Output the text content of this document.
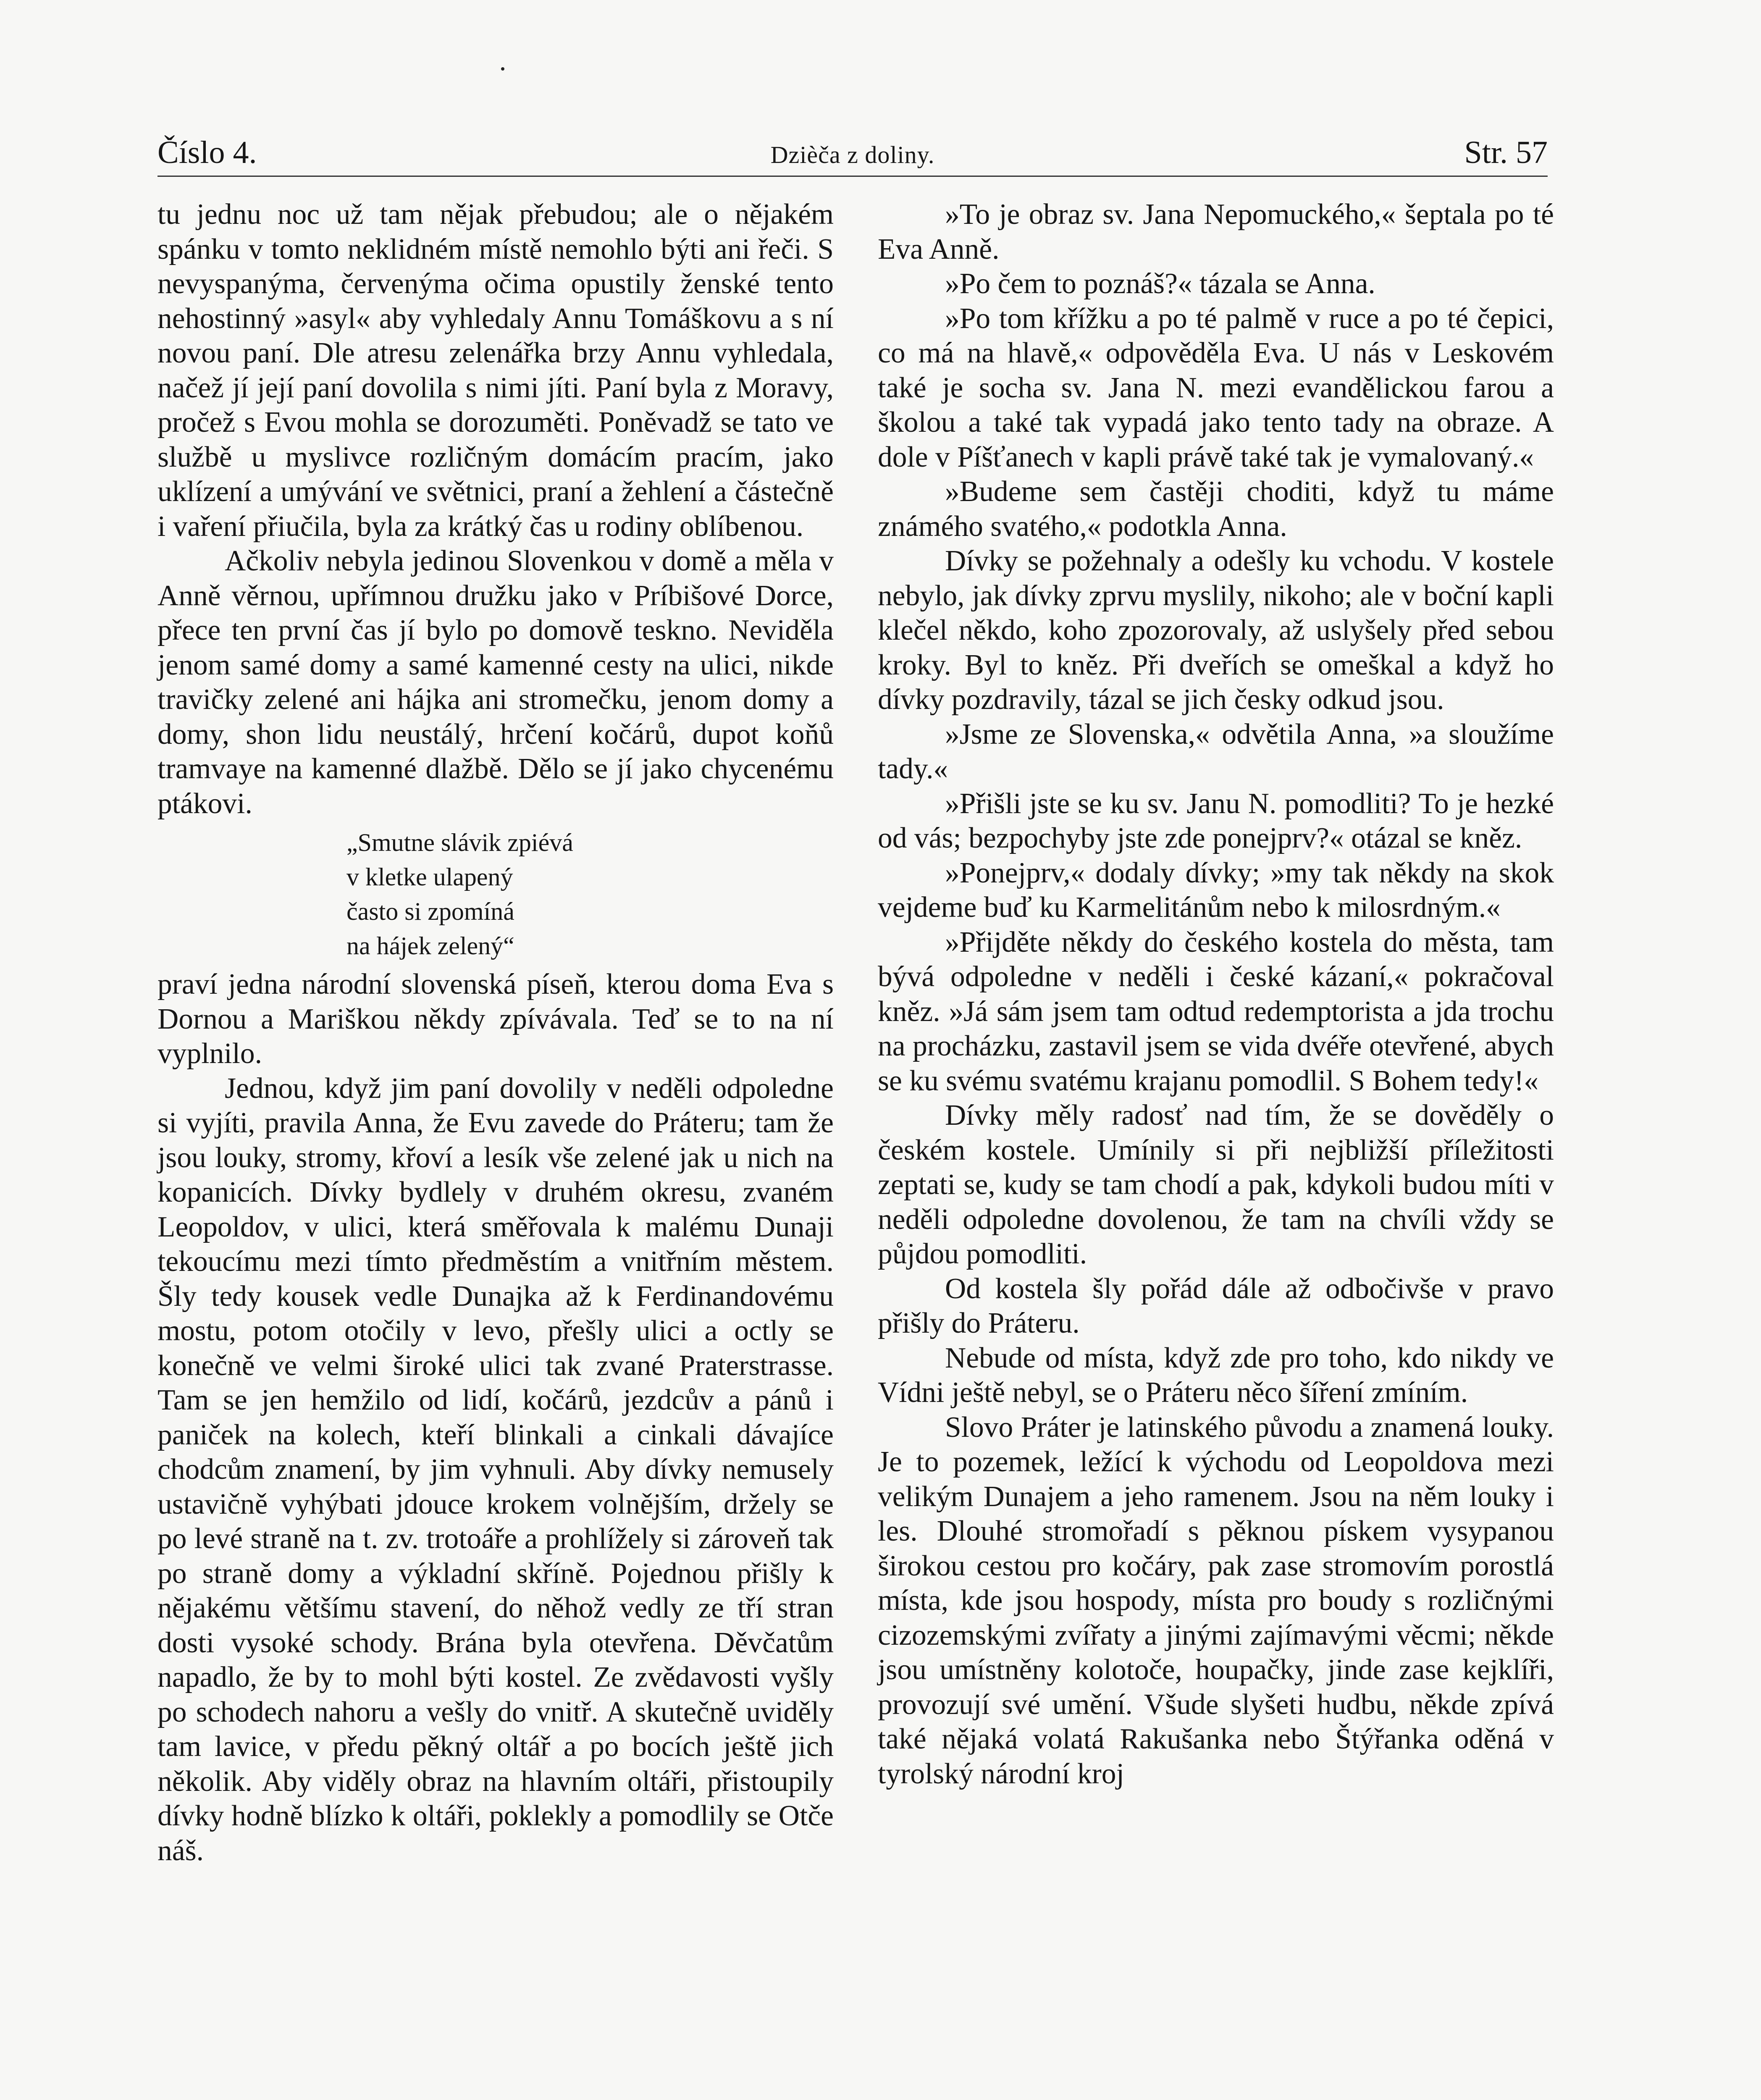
Číslo 4.	Dzièča z doliny.	Str. 57

tu jednu noc už tam nějak přebudou; ale o nějakém spánku v tomto neklidném místě nemohlo býti ani řeči. S nevyspanýma, červenýma očima opustily ženské tento nehostinný »asyl« aby vyhledaly Annu Tomáškovu a s ní novou paní. Dle atresu zelenářka brzy Annu vyhledala, načež jí její paní dovolila s nimi jíti. Paní byla z Moravy, pročež s Evou mohla se dorozuměti. Poněvadž se tato ve službě u myslivce rozličným domácím pracím, jako uklízení a umývání ve světnici, praní a žehlení a částečně i vaření přiučila, byla za krátký čas u rodiny oblíbenou.

Ačkoliv nebyla jedinou Slovenkou v domě a měla v Anně věrnou, upřímnou družku jako v Príbišové Dorce, přece ten první čas jí bylo po domově teskno. Neviděla jenom samé domy a samé kamenné cesty na ulici, nikde travičky zelené ani hájka ani stromečku, jenom domy a domy, shon lidu neustálý, hrčení kočárů, dupot koňů tramvaye na kamenné dlažbě. Dělo se jí jako chycenému ptákovi.

„Smutne slávik zpiévá
v kletke ulapený
často si zpomíná
na hájek zelený“

praví jedna národní slovenská píseň, kterou doma Eva s Dornou a Mariškou někdy zpívávala. Teď se to na ní vyplnilo.

Jednou, když jim paní dovolily v neděli odpoledne si vyjíti, pravila Anna, že Evu zavede do Práteru; tam že jsou louky, stromy, křoví a lesík vše zelené jak u nich na kopanicích. Dívky bydlely v druhém okresu, zvaném Leopoldov, v ulici, která směřovala k malému Dunaji tekoucímu mezi tímto předměstím a vnitřním městem. Šly tedy kousek vedle Dunajka až k Ferdinandovému mostu, potom otočily v levo, přešly ulici a octly se konečně ve velmi široké ulici tak zvané Praterstrasse. Tam se jen hemžilo od lidí, kočárů, jezdcův a pánů i paniček na kolech, kteří blinkali a cinkali dávajíce chodcům znamení, by jim vyhnuli. Aby dívky nemusely ustavičně vyhýbati jdouce krokem volnějším, držely se po levé straně na t. zv. trotoáře a prohlížely si zároveň tak po straně domy a výkladní skříně. Pojednou přišly k nějakému většímu stavení, do něhož vedly ze tří stran dosti vysoké schody. Brána byla otevřena. Děvčatům napadlo, že by to mohl býti kostel. Ze zvědavosti vyšly po schodech nahoru a vešly do vnitř. A skutečně uviděly tam lavice, v předu pěkný oltář a po bocích ještě jich několik. Aby viděly obraz na hlavním oltáři, přistoupily dívky hodně blízko k oltáři, poklekly a pomodlily se Otče náš.

»To je obraz sv. Jana Nepomuckého,« šeptala po té Eva Anně.

»Po čem to poznáš?« tázala se Anna.

»Po tom křížku a po té palmě v ruce a po té čepici, co má na hlavě,« odpověděla Eva. U nás v Leskovém také je socha sv. Jana N. mezi evandělickou farou a školou a také tak vypadá jako tento tady na obraze. A dole v Píšťanech v kapli právě také tak je vymalovaný.«

»Budeme sem častěji choditi, když tu máme známého svatého,« podotkla Anna.

Dívky se požehnaly a odešly ku vchodu. V kostele nebylo, jak dívky zprvu myslily, nikoho; ale v boční kapli klečel někdo, koho zpozorovaly, až uslyšely před sebou kroky. Byl to kněz. Při dveřích se omeškal a když ho dívky pozdravily, tázal se jich česky odkud jsou.

»Jsme ze Slovenska,« odvětila Anna, »a sloužíme tady.«

»Přišli jste se ku sv. Janu N. pomodliti? To je hezké od vás; bezpochyby jste zde ponejprv?« otázal se kněz.

»Ponejprv,« dodaly dívky; »my tak někdy na skok vejdeme buď ku Karmelitánům nebo k milosrdným.«

»Přijděte někdy do českého kostela do města, tam bývá odpoledne v neděli i české kázaní,« pokračoval kněz. »Já sám jsem tam odtud redemptorista a jda trochu na procházku, zastavil jsem se vida dvéře otevřené, abych se ku svému svatému krajanu pomodlil. S Bohem tedy!«

Dívky měly radosť nad tím, že se dověděly o českém kostele. Umínily si při nejbližší příležitosti zeptati se, kudy se tam chodí a pak, kdykoli budou míti v neděli odpoledne dovolenou, že tam na chvíli vždy se půjdou pomodliti.

Od kostela šly pořád dále až odbočivše v pravo přišly do Práteru.

Nebude od místa, když zde pro toho, kdo nikdy ve Vídni ještě nebyl, se o Práteru něco šíření zmíním.

Slovo Práter je latinského původu a znamená louky. Je to pozemek, ležící k východu od Leopoldova mezi velikým Dunajem a jeho ramenem. Jsou na něm louky i les. Dlouhé stromořadí s pěknou pískem vysypanou širokou cestou pro kočáry, pak zase stromovím porostlá místa, kde jsou hospody, místa pro boudy s rozličnými cizozemskými zvířaty a jinými zajímavými věcmi; někde jsou umístněny kolotoče, houpačky, jinde zase kejklíři, provozují své umění. Všude slyšeti hudbu, někde zpívá také nějaká volatá Rakušanka nebo Štýřanka oděná v tyrolský národní kroj
